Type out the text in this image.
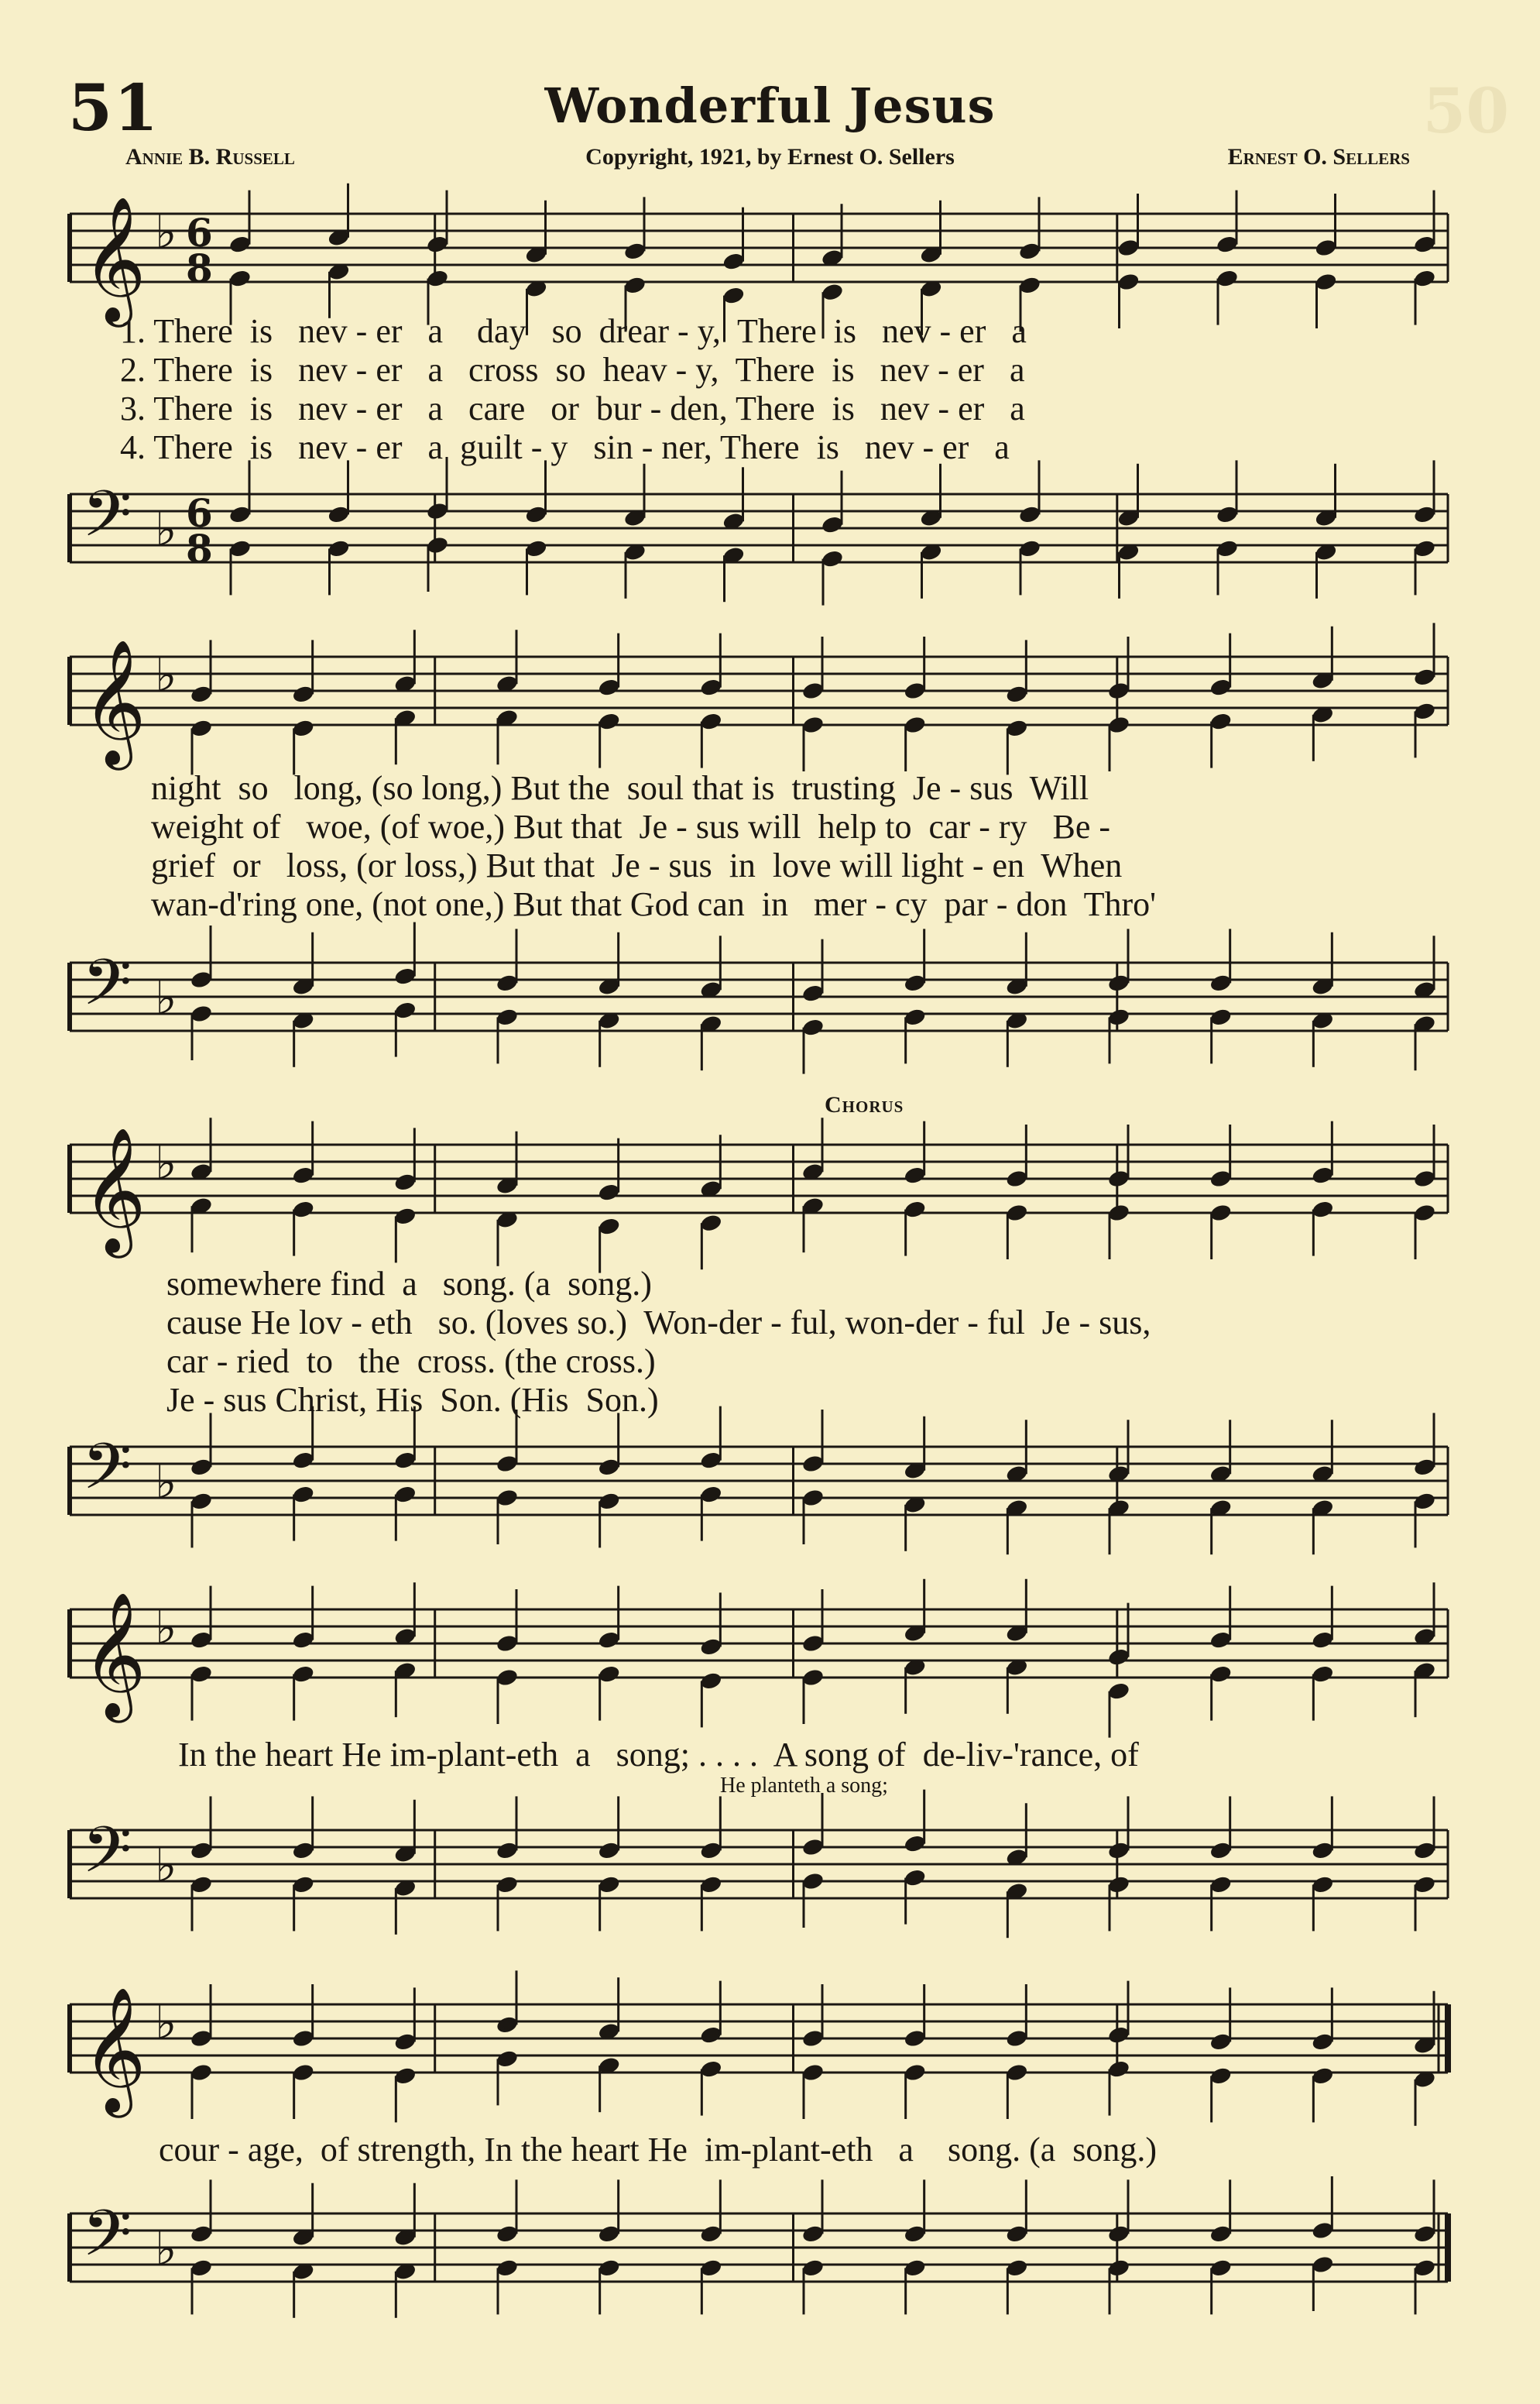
50
51	Wonderful Jesus
Annie B. Russell	Copyright, 1921, by Ernest O. Sellers	Ernest O. Sellers
𝄞 ♭ 6
8
1. There  is   nev - er   a    day   so  drear - y,  There  is   nev - er   a
2. There  is   nev - er   a   cross  so  heav - y,  There  is   nev - er   a
3. There  is   nev - er   a   care   or  bur - den, There  is   nev - er   a
4. There  is   nev - er   a  guilt - y   sin - ner, There  is   nev - er   a
𝄢 ♭ 6
8
𝄞 ♭
night  so   long, (so long,) But the  soul that is  trusting  Je - sus  Will
weight of   woe, (of woe,) But that  Je - sus will  help to  car - ry   Be -
grief  or   loss, (or loss,) But that  Je - sus  in  love will light - en  When
wan-d'ring one, (not one,) But that God can  in   mer - cy  par - don  Thro'
𝄢 ♭
Chorus
𝄞 ♭
somewhere find  a   song. (a  song.)
cause He lov - eth   so. (loves so.)  Won-der - ful, won-der - ful  Je - sus,
car - ried  to   the  cross. (the cross.)
Je - sus Christ, His  Son. (His  Son.)
𝄢 ♭
𝄞 ♭
In the heart He im-plant-eth  a   song; . . . .  A song of  de-liv-'rance, of
He planteth a song;
𝄢 ♭
𝄞 ♭
cour - age,  of strength, In the heart He  im-plant-eth   a    song. (a  song.)
𝄢 ♭
